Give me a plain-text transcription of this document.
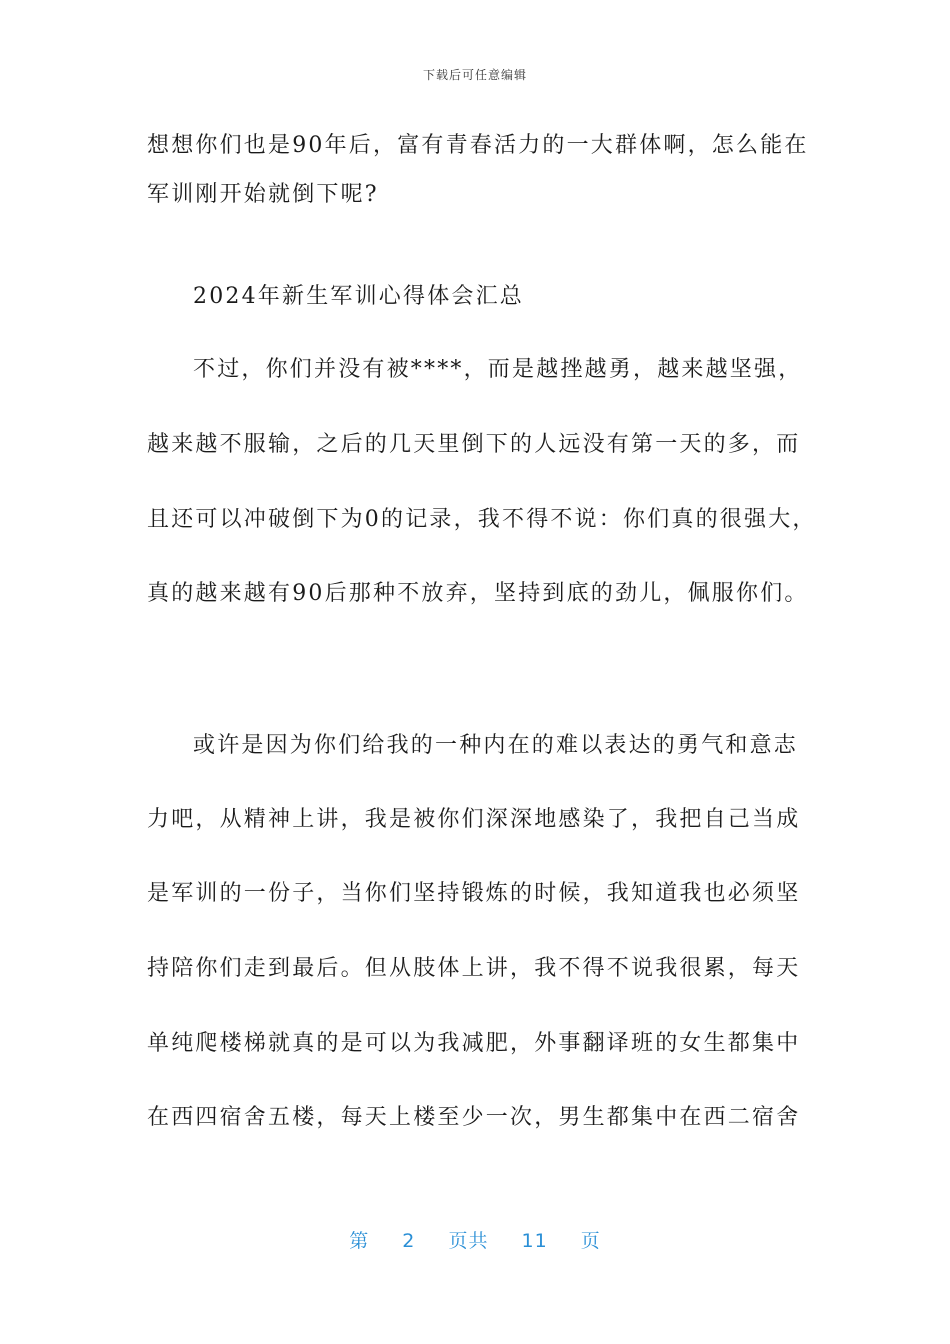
下载后可任意编辑
想想你们也是90年后，富有青春活力的一大群体啊，怎么能在
军训刚开始就倒下呢?
2024年新生军训心得体会汇总
不过，你们并没有被****，而是越挫越勇，越来越坚强，
越来越不服输，之后的几天里倒下的人远没有第一天的多，而
且还可以冲破倒下为0的记录，我不得不说：你们真的很强大，
真的越来越有90后那种不放弃，坚持到底的劲儿，佩服你们。
或许是因为你们给我的一种内在的难以表达的勇气和意志
力吧，从精神上讲，我是被你们深深地感染了，我把自己当成
是军训的一份子，当你们坚持锻炼的时候，我知道我也必须坚
持陪你们走到最后。但从肢体上讲，我不得不说我很累，每天
单纯爬楼梯就真的是可以为我减肥，外事翻译班的女生都集中
在西四宿舍五楼，每天上楼至少一次，男生都集中在西二宿舍
第 2 页共 11 页
